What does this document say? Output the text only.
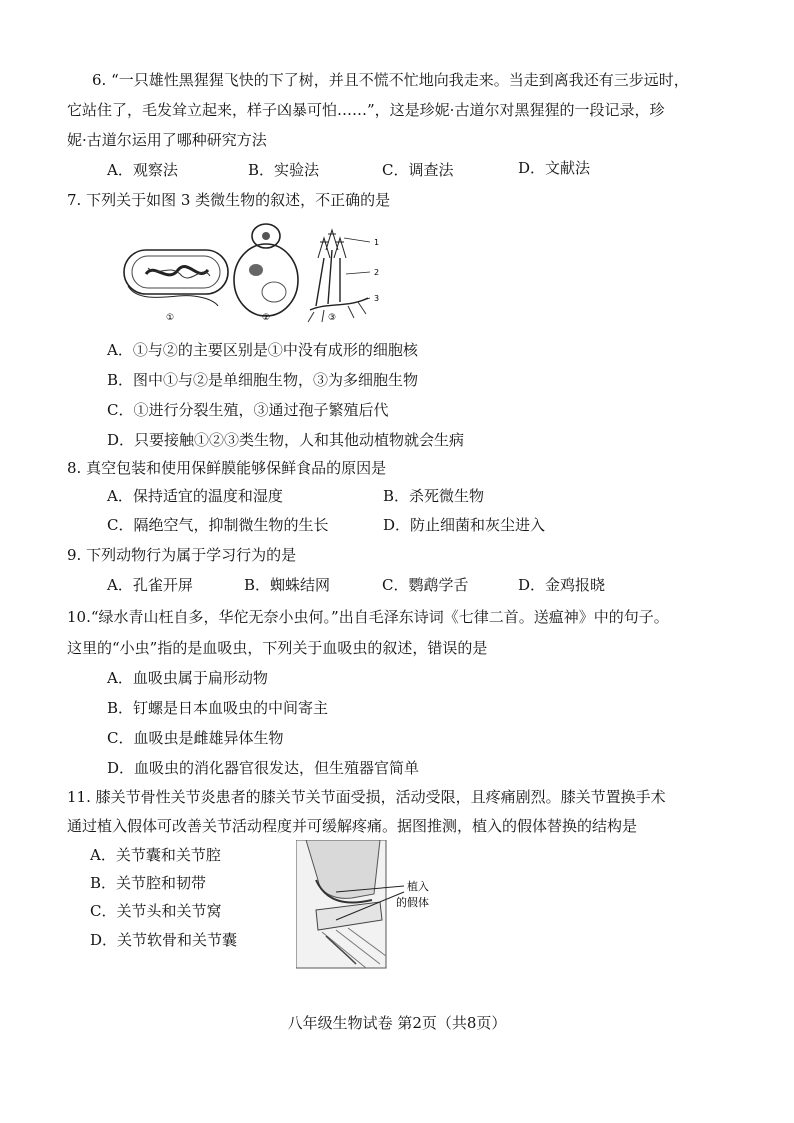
6. “一只雄性黑猩猩飞快的下了树，并且不慌不忙地向我走来。当走到离我还有三步远时，
它站住了，毛发耸立起来，样子凶暴可怕……”，这是珍妮·古道尔对黑猩猩的一段记录，珍
妮·古道尔运用了哪种研究方法
A．观察法	B．实验法	C．调查法	D．文献法
7. 下列关于如图 3 类微生物的叙述，不正确的是
①	②	③
1
2
3
A．①与②的主要区别是①中没有成形的细胞核
B．图中①与②是单细胞生物，③为多细胞生物
C．①进行分裂生殖，③通过孢子繁殖后代
D．只要接触①②③类生物，人和其他动植物就会生病
8. 真空包装和使用保鲜膜能够保鲜食品的原因是
A．保持适宜的温度和湿度	B．杀死微生物
C．隔绝空气，抑制微生物的生长	D．防止细菌和灰尘进入
9. 下列动物行为属于学习行为的是
A．孔雀开屏	B．蜘蛛结网	C．鹦鹉学舌	D．金鸡报晓
10.“绿水青山枉自多，华佗无奈小虫何。”出自毛泽东诗词《七律二首。送瘟神》中的句子。
这里的“小虫”指的是血吸虫，下列关于血吸虫的叙述，错误的是
A．血吸虫属于扁形动物
B．钉螺是日本血吸虫的中间寄主
C．血吸虫是雌雄异体生物
D．血吸虫的消化器官很发达，但生殖器官简单
11. 膝关节骨性关节炎患者的膝关节关节面受损，活动受限，且疼痛剧烈。膝关节置换手术
通过植入假体可改善关节活动程度并可缓解疼痛。据图推测，植入的假体替换的结构是
A．关节囊和关节腔
B．关节腔和韧带
C．关节头和关节窝
D．关节软骨和关节囊
植入
的假体
八年级生物试卷 第2页（共8页）
